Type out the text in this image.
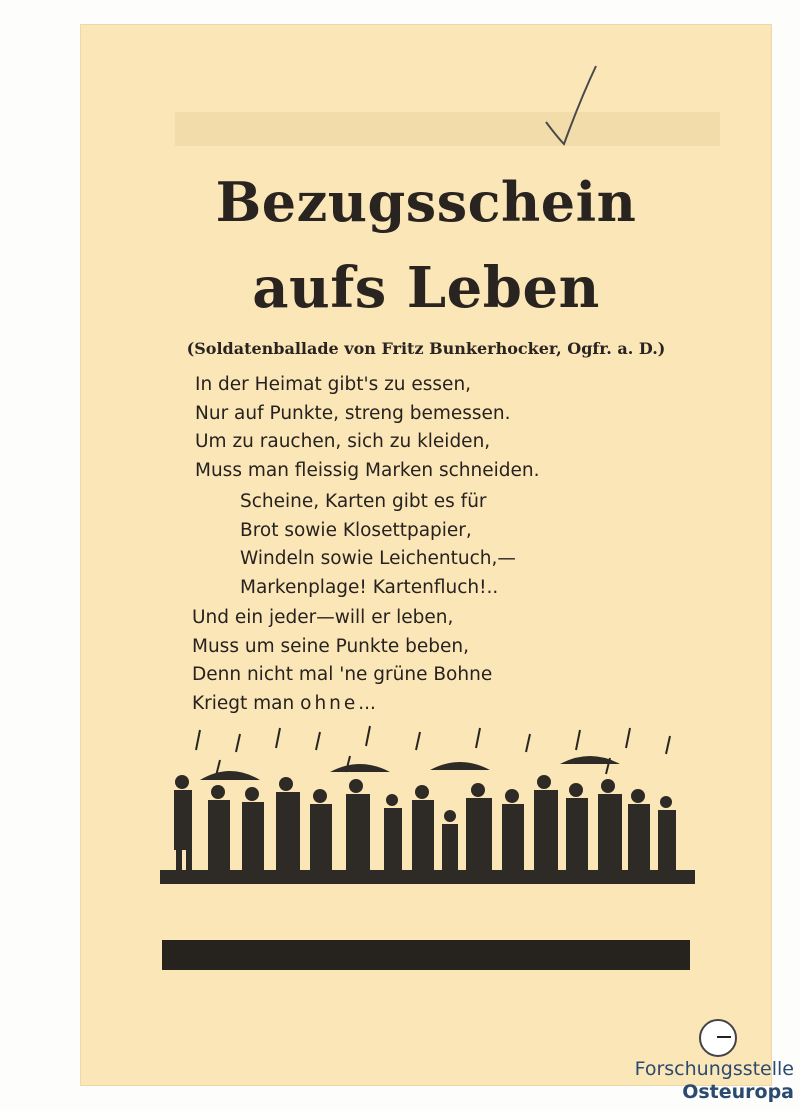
Bezugsschein
aufs Leben
(Soldatenballade von Fritz Bunkerhocker, Ogfr. a. D.)
In der Heimat gibt's zu essen,
Nur auf Punkte, streng bemessen.
Um zu rauchen, sich zu kleiden,
Muss man fleissig Marken schneiden.
Scheine, Karten gibt es für
Brot sowie Klosettpapier,
Windeln sowie Leichentuch,—
Markenplage! Kartenfluch!..
Und ein jeder—will er leben,
Muss um seine Punkte beben,
Denn nicht mal 'ne grüne Bohne
Kriegt man ohne...
Forschungsstelle
Osteuropa
